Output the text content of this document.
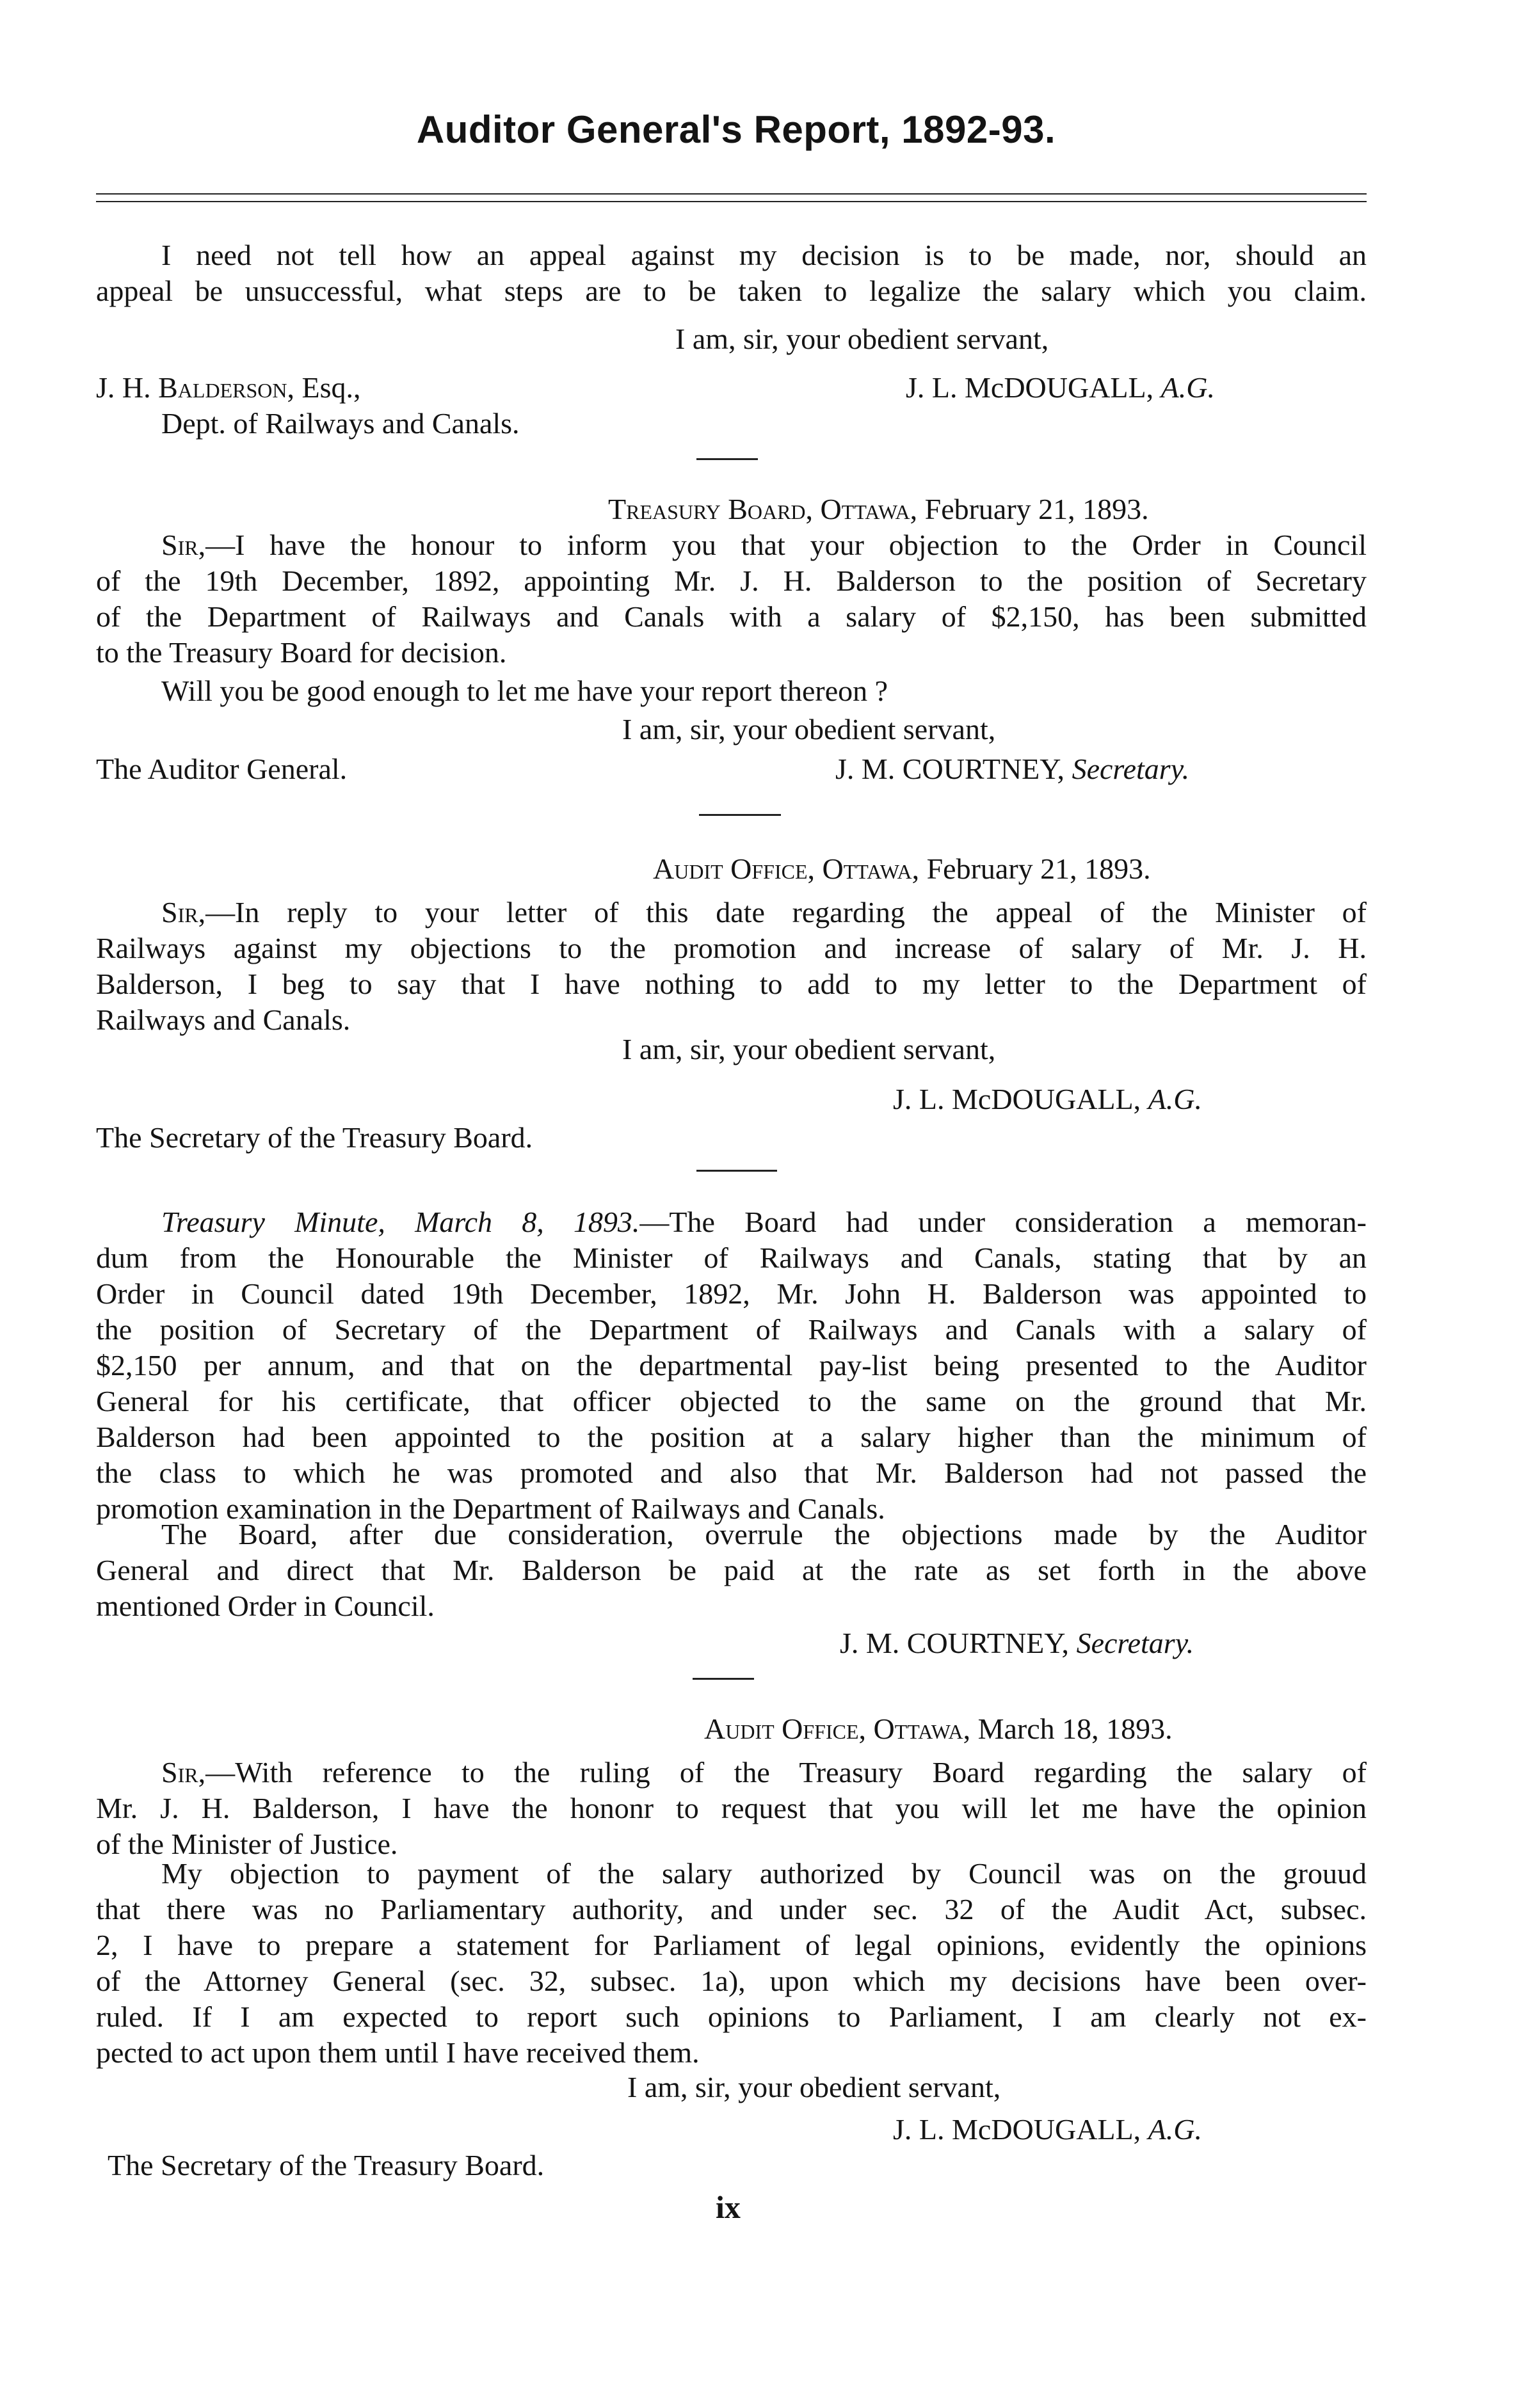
Auditor General's Report, 1892-93.
I need not tell how an appeal against my decision is to be made, nor, should an
appeal be unsuccessful, what steps are to be taken to legalize the salary which you claim.
I am, sir, your obedient servant,
J. H. Balderson, Esq.,	J. L. McDOUGALL, A.G.
Dept. of Railways and Canals.
Treasury Board, Ottawa, February 21, 1893.
Sir,—I have the honour to inform you that your objection to the Order in Council
of the 19th December, 1892, appointing Mr. J. H. Balderson to the position of Secretary
of the Department of Railways and Canals with a salary of $2,150, has been submitted
to the Treasury Board for decision.
Will you be good enough to let me have your report thereon ?
I am, sir, your obedient servant,
The Auditor General.	J. M. COURTNEY, Secretary.
Audit Office, Ottawa, February 21, 1893.
Sir,—In reply to your letter of this date regarding the appeal of the Minister of
Railways against my objections to the promotion and increase of salary of Mr. J. H.
Balderson, I beg to say that I have nothing to add to my letter to the Department of
Railways and Canals.
I am, sir, your obedient servant,
J. L. McDOUGALL, A.G.
The Secretary of the Treasury Board.
Treasury Minute, March 8, 1893.—The Board had under consideration a memoran-
dum from the Honourable the Minister of Railways and Canals, stating that by an
Order in Council dated 19th December, 1892, Mr. John H. Balderson was appointed to
the position of Secretary of the Department of Railways and Canals with a salary of
$2,150 per annum, and that on the departmental pay-list being presented to the Auditor
General for his certificate, that officer objected to the same on the ground that Mr.
Balderson had been appointed to the position at a salary higher than the minimum of
the class to which he was promoted and also that Mr. Balderson had not passed the
promotion examination in the Department of Railways and Canals.
The Board, after due consideration, overrule the objections made by the Auditor
General and direct that Mr. Balderson be paid at the rate as set forth in the above
mentioned Order in Council.
J. M. COURTNEY, Secretary.
Audit Office, Ottawa, March 18, 1893.
Sir,—With reference to the ruling of the Treasury Board regarding the salary of
Mr. J. H. Balderson, I have the hononr to request that you will let me have the opinion
of the Minister of Justice.
My objection to payment of the salary authorized by Council was on the grouud
that there was no Parliamentary authority, and under sec. 32 of the Audit Act, subsec.
2, I have to prepare a statement for Parliament of legal opinions, evidently the opinions
of the Attorney General (sec. 32, subsec. 1a), upon which my decisions have been over-
ruled. If I am expected to report such opinions to Parliament, I am clearly not ex-
pected to act upon them until I have received them.
I am, sir, your obedient servant,
J. L. McDOUGALL, A.G.
The Secretary of the Treasury Board.
ix
